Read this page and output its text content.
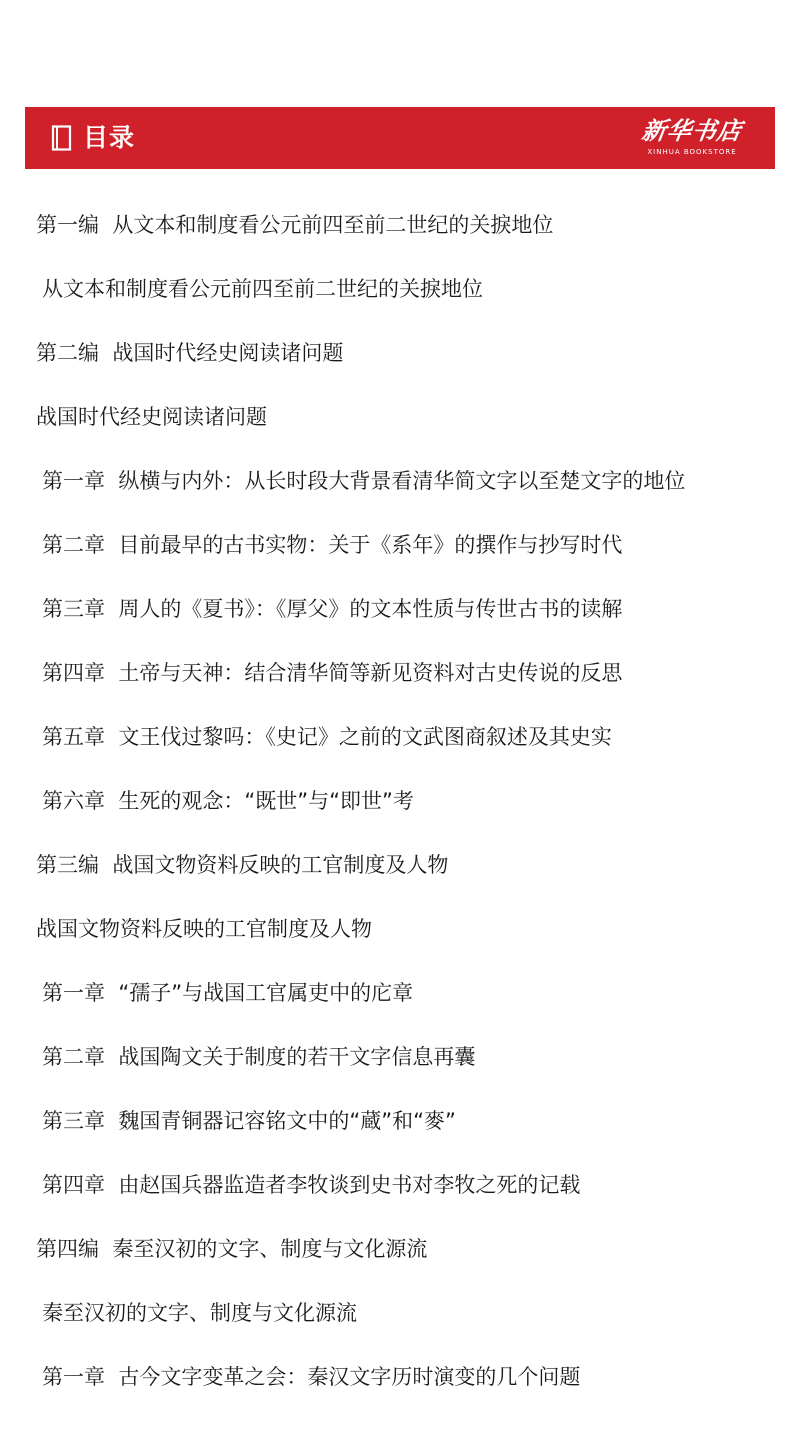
目录	新华书店
XINHUA BOOKSTORE
第一编  从文本和制度看公元前四至前二世纪的关捩地位
从文本和制度看公元前四至前二世纪的关捩地位
第二编  战国时代经史阅读诸问题
战国时代经史阅读诸问题
第一章  纵横与内外：从长时段大背景看清华简文字以至楚文字的地位
第二章  目前最早的古书实物：关于《系年》的撰作与抄写时代
第三章  周人的《夏书》：《厚父》的文本性质与传世古书的读解
第四章  土帝与天神：结合清华简等新见资料对古史传说的反思
第五章  文王伐过黎吗：《史记》之前的文武图商叙述及其史实
第六章  生死的观念：“既世”与“即世”考
第三编  战国文物资料反映的工官制度及人物
战国文物资料反映的工官制度及人物
第一章  “孺子”与战国工官属吏中的庀章
第二章  战国陶文关于制度的若干文字信息再囊
第三章  魏国青铜器记容铭文中的“蔵”和“麥”
第四章  由赵国兵器监造者李牧谈到史书对李牧之死的记载
第四编  秦至汉初的文字、制度与文化源流
秦至汉初的文字、制度与文化源流
第一章  古今文字变革之会：秦汉文字历时演变的几个问题
